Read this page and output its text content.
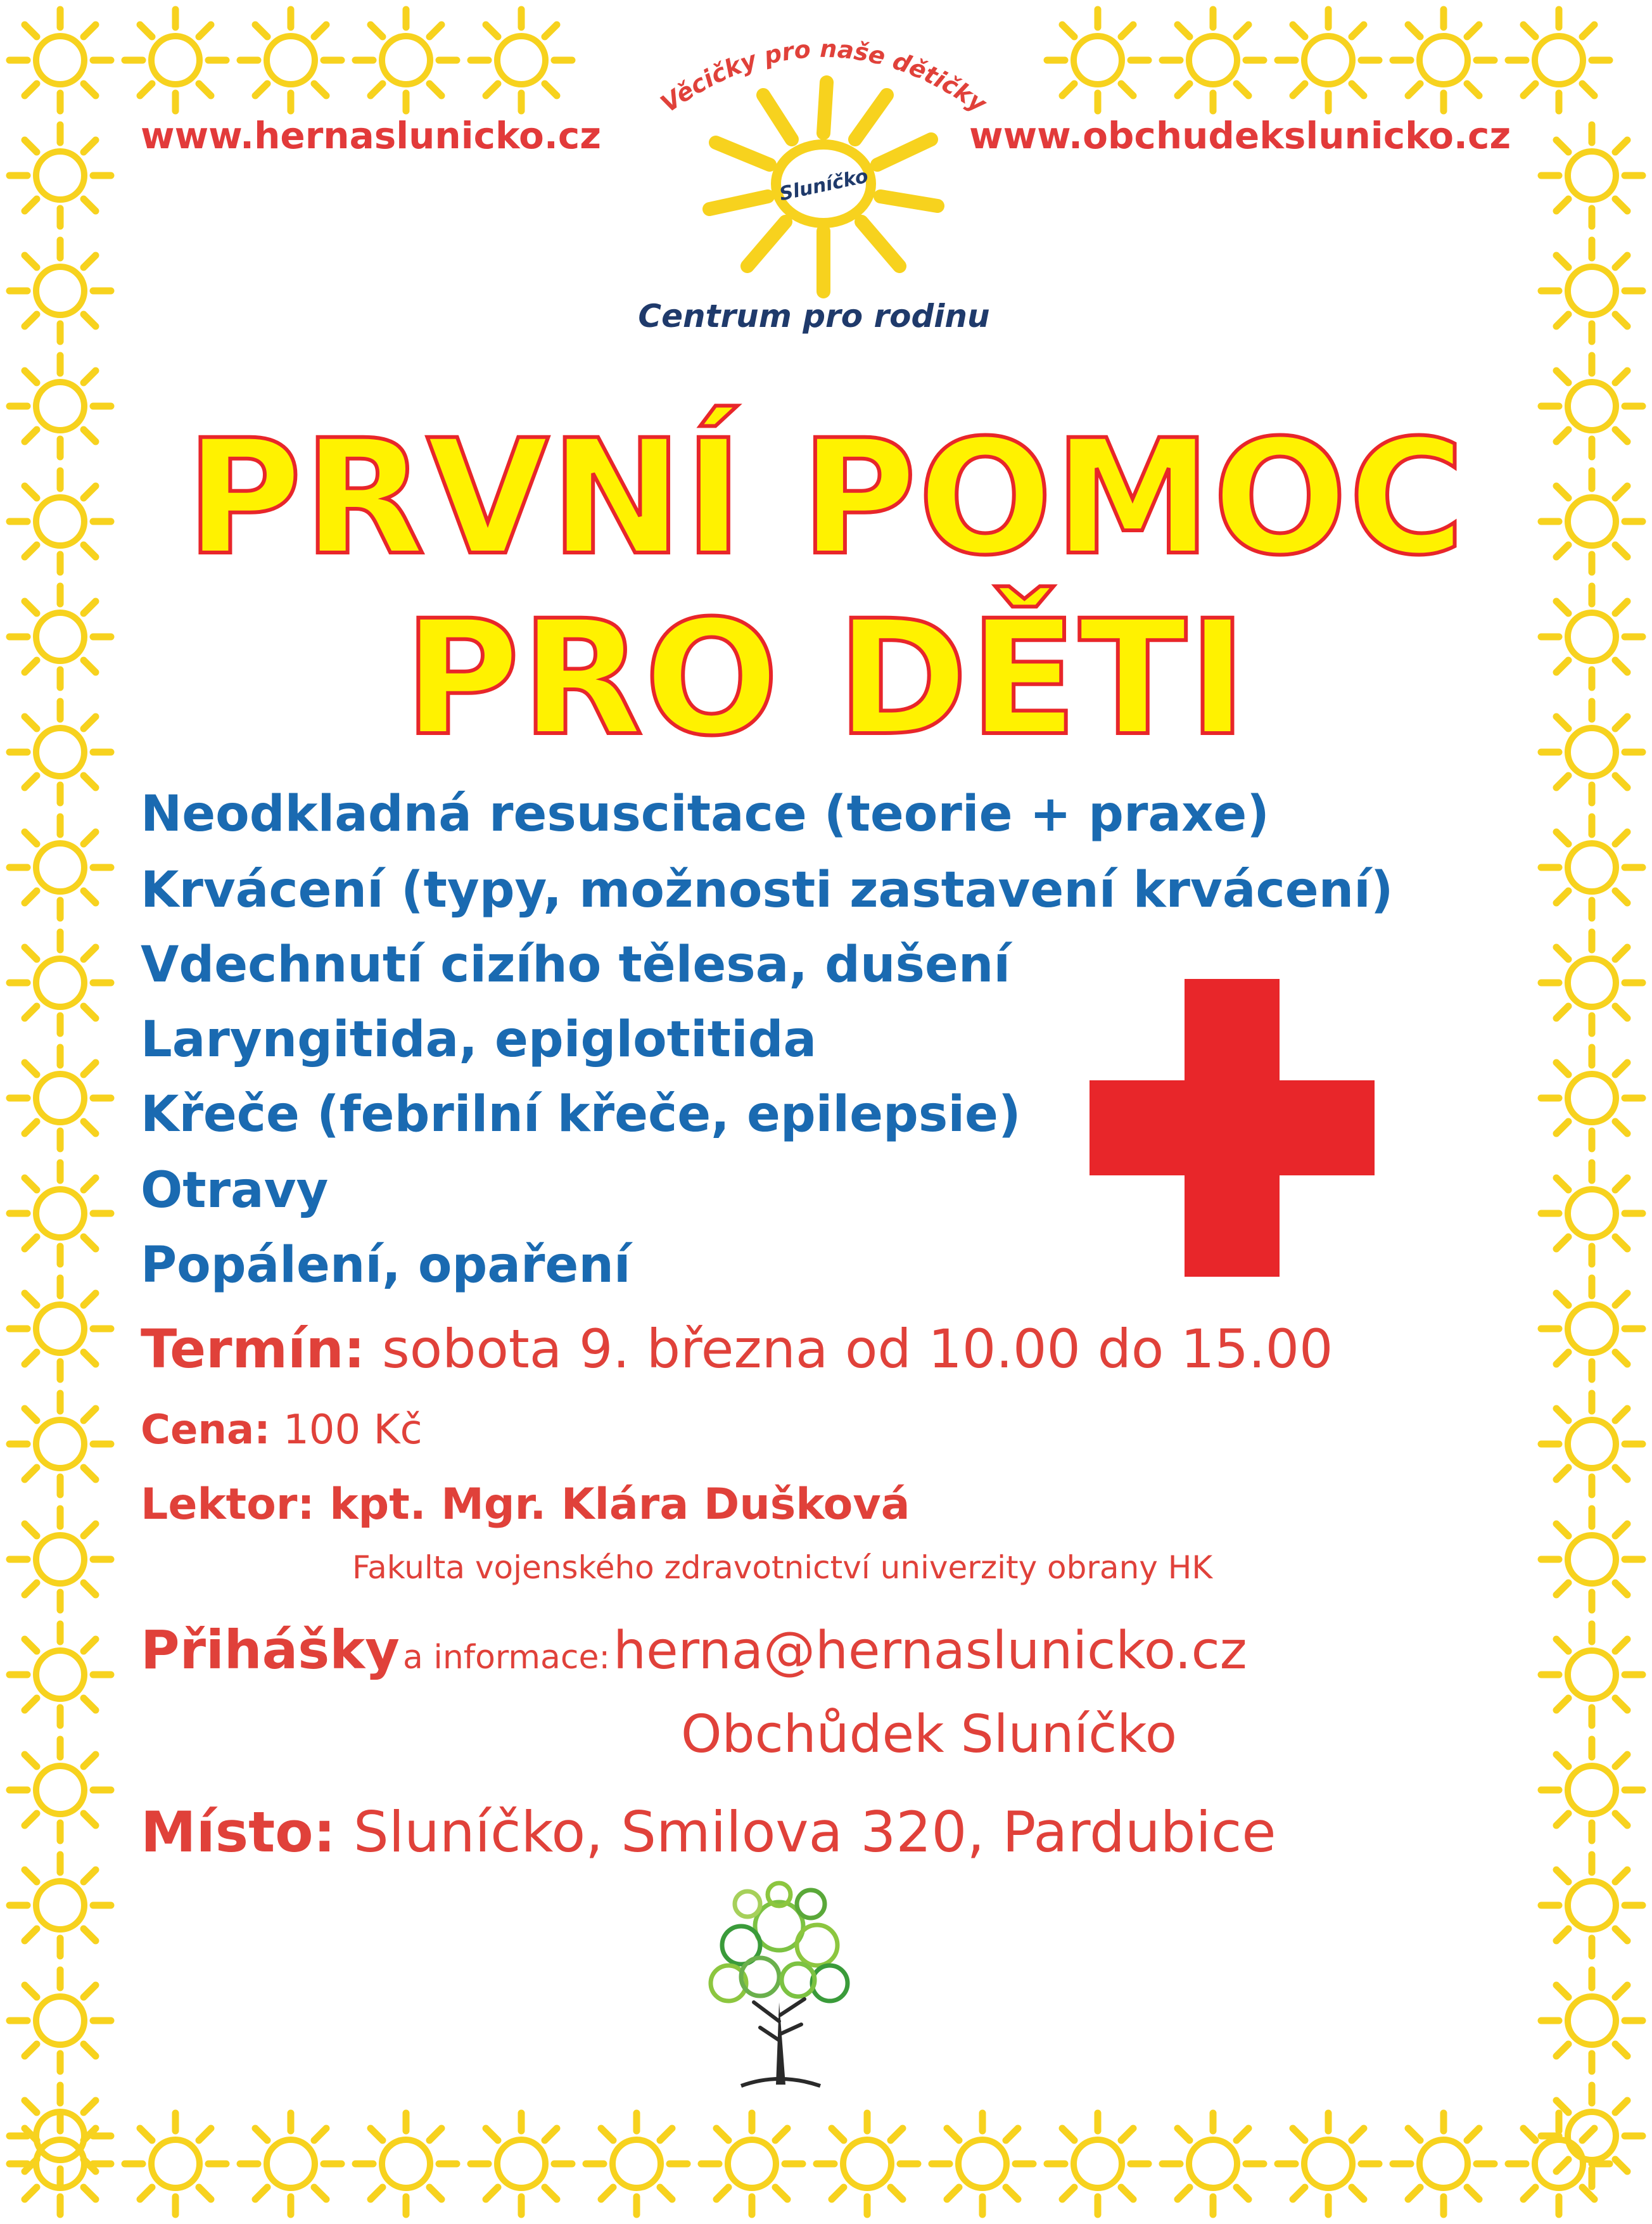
www.hernaslunicko.cz	www.obchudekslunicko.cz
Věcičky pro naše dětičky
Sluníčko
Centrum pro rodinu
PRVNÍ POMOC
PRO DĚTI
Neodkladná resuscitace (teorie + praxe)
Krvácení (typy, možnosti zastavení krvácení)
Vdechnutí cizího tělesa, dušení
Laryngitida, epiglotitida
Křeče (febrilní křeče, epilepsie)
Otravy
Popálení, opaření
Termín: sobota 9. března od 10.00 do 15.00
Cena: 100 Kč
Lektor: kpt. Mgr. Klára Dušková
Fakulta vojenského zdravotnictví univerzity obrany HK
Přihášky a informace: herna@hernaslunicko.cz
Obchůdek Sluníčko
Místo: Sluníčko, Smilova 320, Pardubice
